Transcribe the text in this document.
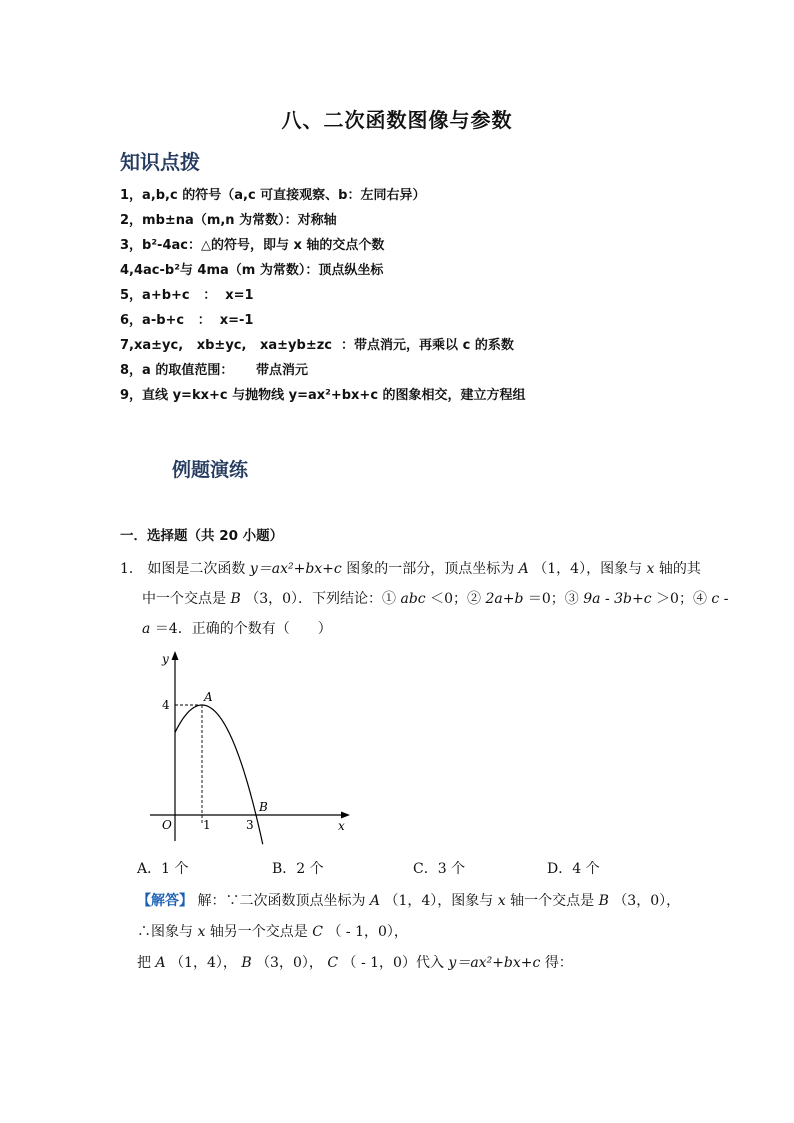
八、二次函数图像与参数
知识点拨
1，a,b,c 的符号（a,c 可直接观察、b：左同右异）
2，mb±na（m,n 为常数）：对称轴
3，b²-4ac：△的符号，即与 x 轴的交点个数
4,4ac-b²与 4ma（m 为常数）：顶点纵坐标
5，a+b+c   ：  x=1
6，a-b+c   ：  x=-1
7,xa±yc,   xb±yc,   xa±yb±zc  ：带点消元，再乘以 c 的系数
8，a 的取值范围：     带点消元
9，直线 y=kx+c 与抛物线 y=ax²+bx+c 的图象相交，建立方程组
例题演练
一．选择题（共 20 小题）
1． 如图是二次函数 y＝ax²+bx+c 图象的一部分，顶点坐标为 A （1，4），图象与 x 轴的其
中一个交点是 B （3，0）．下列结论：① abc ＜0；② 2a+b ＝0；③ 9a - 3b+c ＞0；④ c -
a ＝4．正确的个数有（　　）
A
B
4
1	3
O	x
y
A．1 个	B．2 个	C．3 个	D．4 个
【解答】 解：∵二次函数顶点坐标为 A （1，4），图象与 x 轴一个交点是 B （3，0），
∴图象与 x 轴另一个交点是 C （ - 1，0），
把 A （1，4）， B （3，0）， C （ - 1，0）代入 y＝ax²+bx+c 得：
